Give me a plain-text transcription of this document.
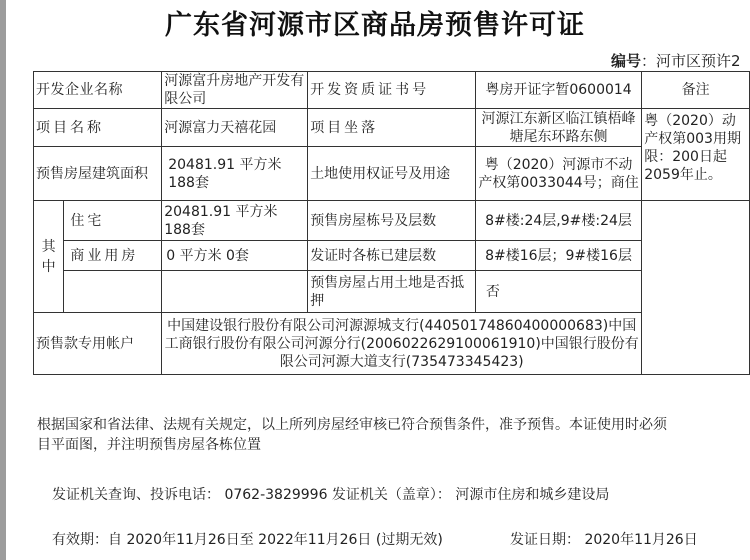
广东省河源市区商品房预售许可证
编号：河市区预许2
开发企业名称		河源富升房地产开发有限公司	开发资质证书号	粤房开证字暂0600014	备注
项目名称		河源富力天禧花园	项目坐落	河源江东新区临江镇梧峰塘尾东环路东侧	粤（2020）动产权第003用期限：200日起2059年止。
预售房屋建筑面积		20481.91 平方米 188套	土地使用权证号及用途	粤（2020）河源市不动产权第0033044号；商住	
其中	住宅	20481.91 平方米 188套	预售房屋栋号及层数	8#楼:24层,9#楼:24层	
	商业用房	0 平方米 0套	发证时各栋已建层数	8#楼16层；9#楼16层	
			预售房屋占用土地是否抵押	否	
预售款专用帐户		中国建设银行股份有限公司河源源城支行(44050174860400000683)中国工商银行股份有限公司河源分行(2006022629100061910)中国银行股份有限公司河源大道支行(735473345423)			
根据国家和省法律、法规有关规定，以上所列房屋经审核已符合预售条件，准予预售。本证使用时必须
目平面图，并注明预售房屋各栋位置
发证机关查询、投诉电话： 0762-3829996 发证机关（盖章）： 河源市住房和城乡建设局
有效期：自 2020年11月26日至 2022年11月26日 (过期无效)	发证日期： 2020年11月26日
